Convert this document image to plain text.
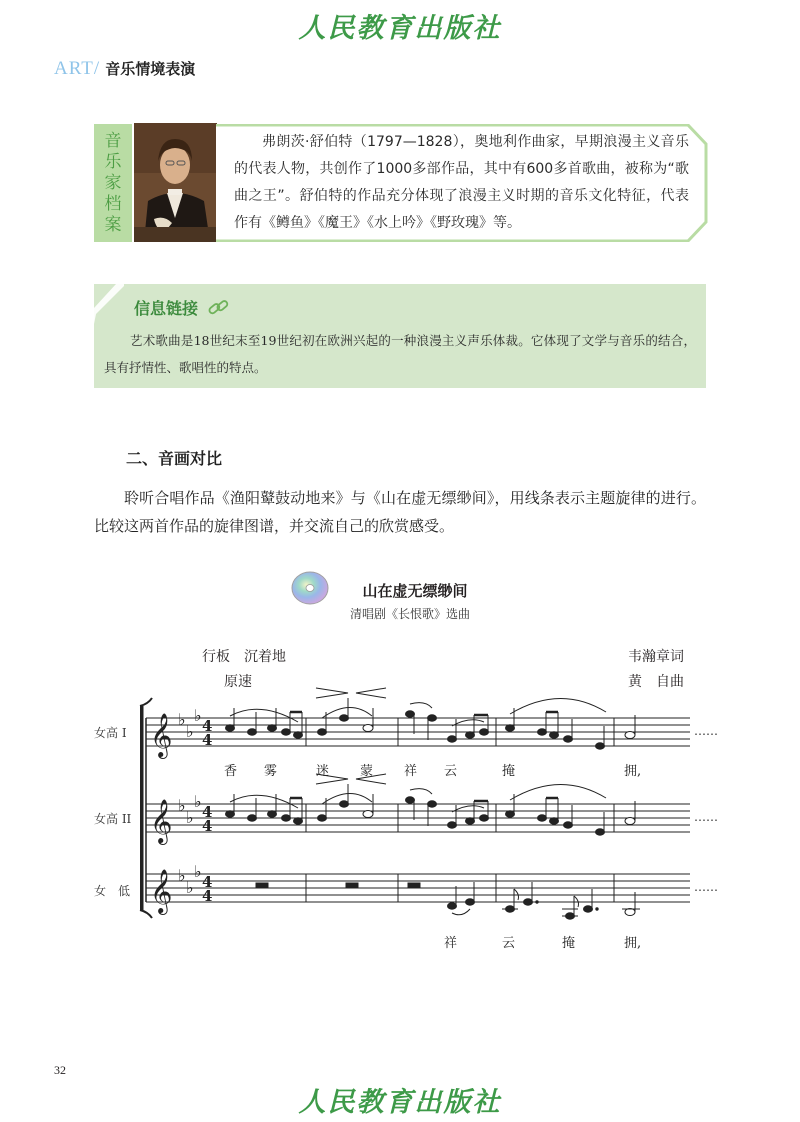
人民教育出版社
ART/ 音乐情境表演
音乐家档案

弗朗茨·舒伯特（1797—1828），奥地利作曲家，早期浪漫主义音乐的代表人物，共创作了1000多部作品，其中有600多首歌曲，被称为“歌曲之王”。舒伯特的作品充分体现了浪漫主义时期的音乐文化特征，代表作有《鳟鱼》《魔王》《水上吟》《野玫瑰》等。

信息链接

艺术歌曲是18世纪末至19世纪初在欧洲兴起的一种浪漫主义声乐体裁。它体现了文学与音乐的结合，具有抒情性、歌唱性的特点。

二、音画对比

聆听合唱作品《渔阳鼙鼓动地来》与《山在虚无缥缈间》，用线条表示主题旋律的进行。比较这两首作品的旋律图谱，并交流自己的欣赏感受。

山在虚无缥缈间
清唱剧《长恨歌》选曲
行板　沉着地
原速
韦瀚章词
黄　自曲
女高 I
女高 II
女　低
𝄞
𝄞
𝄞
♭
♭
♭
♭
♭
♭
♭
♭
♭
4
4
4
4
4
4
……
……
……
香 雾	迷 蒙 祥 云	掩	拥,
祥	云	掩	拥,
32
人民教育出版社
